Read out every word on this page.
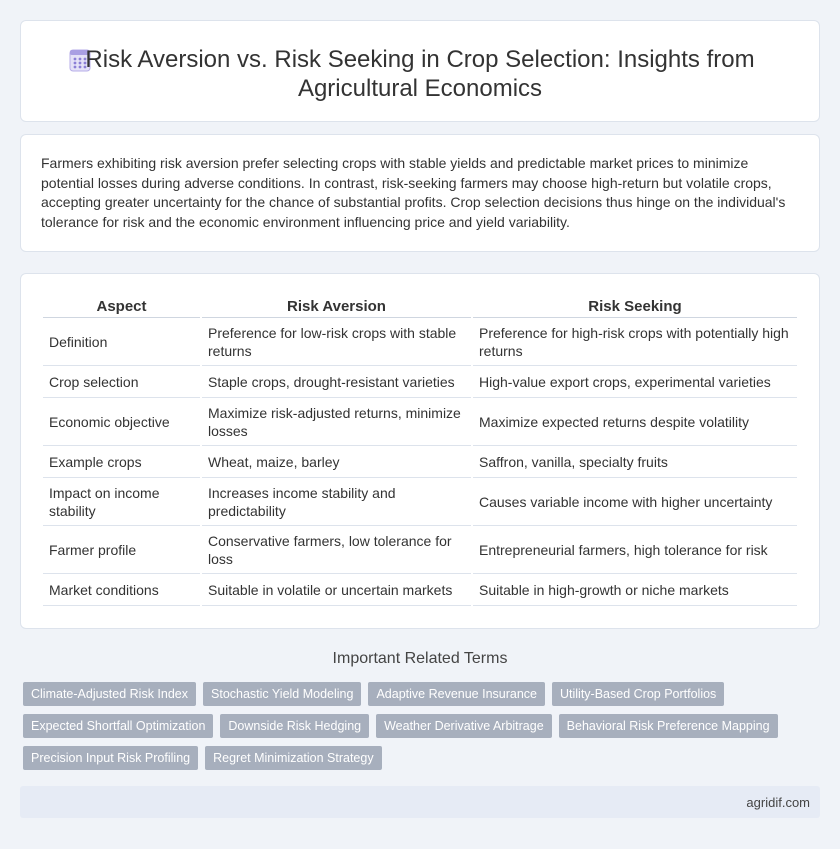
Risk Aversion vs. Risk Seeking in Crop Selection: Insights from Agricultural Economics

Farmers exhibiting risk aversion prefer selecting crops with stable yields and predictable market prices to minimize potential losses during adverse conditions. In contrast, risk-seeking farmers may choose high-return but volatile crops, accepting greater uncertainty for the chance of substantial profits. Crop selection decisions thus hinge on the individual's tolerance for risk and the economic environment influencing price and yield variability.

Aspect	Risk Aversion	Risk Seeking
Definition	Preference for low-risk crops with stable returns	Preference for high-risk crops with potentially high returns
Crop selection	Staple crops, drought-resistant varieties	High-value export crops, experimental varieties
Economic objective	Maximize risk-adjusted returns, minimize losses	Maximize expected returns despite volatility
Example crops	Wheat, maize, barley	Saffron, vanilla, specialty fruits
Impact on income stability	Increases income stability and predictability	Causes variable income with higher uncertainty
Farmer profile	Conservative farmers, low tolerance for loss	Entrepreneurial farmers, high tolerance for risk
Market conditions	Suitable in volatile or uncertain markets	Suitable in high-growth or niche markets
Important Related Terms
Climate-Adjusted Risk Index	Stochastic Yield Modeling	Adaptive Revenue Insurance	Utility-Based Crop Portfolios
Expected Shortfall Optimization	Downside Risk Hedging	Weather Derivative Arbitrage	Behavioral Risk Preference Mapping
Precision Input Risk Profiling	Regret Minimization Strategy
agridif.com
